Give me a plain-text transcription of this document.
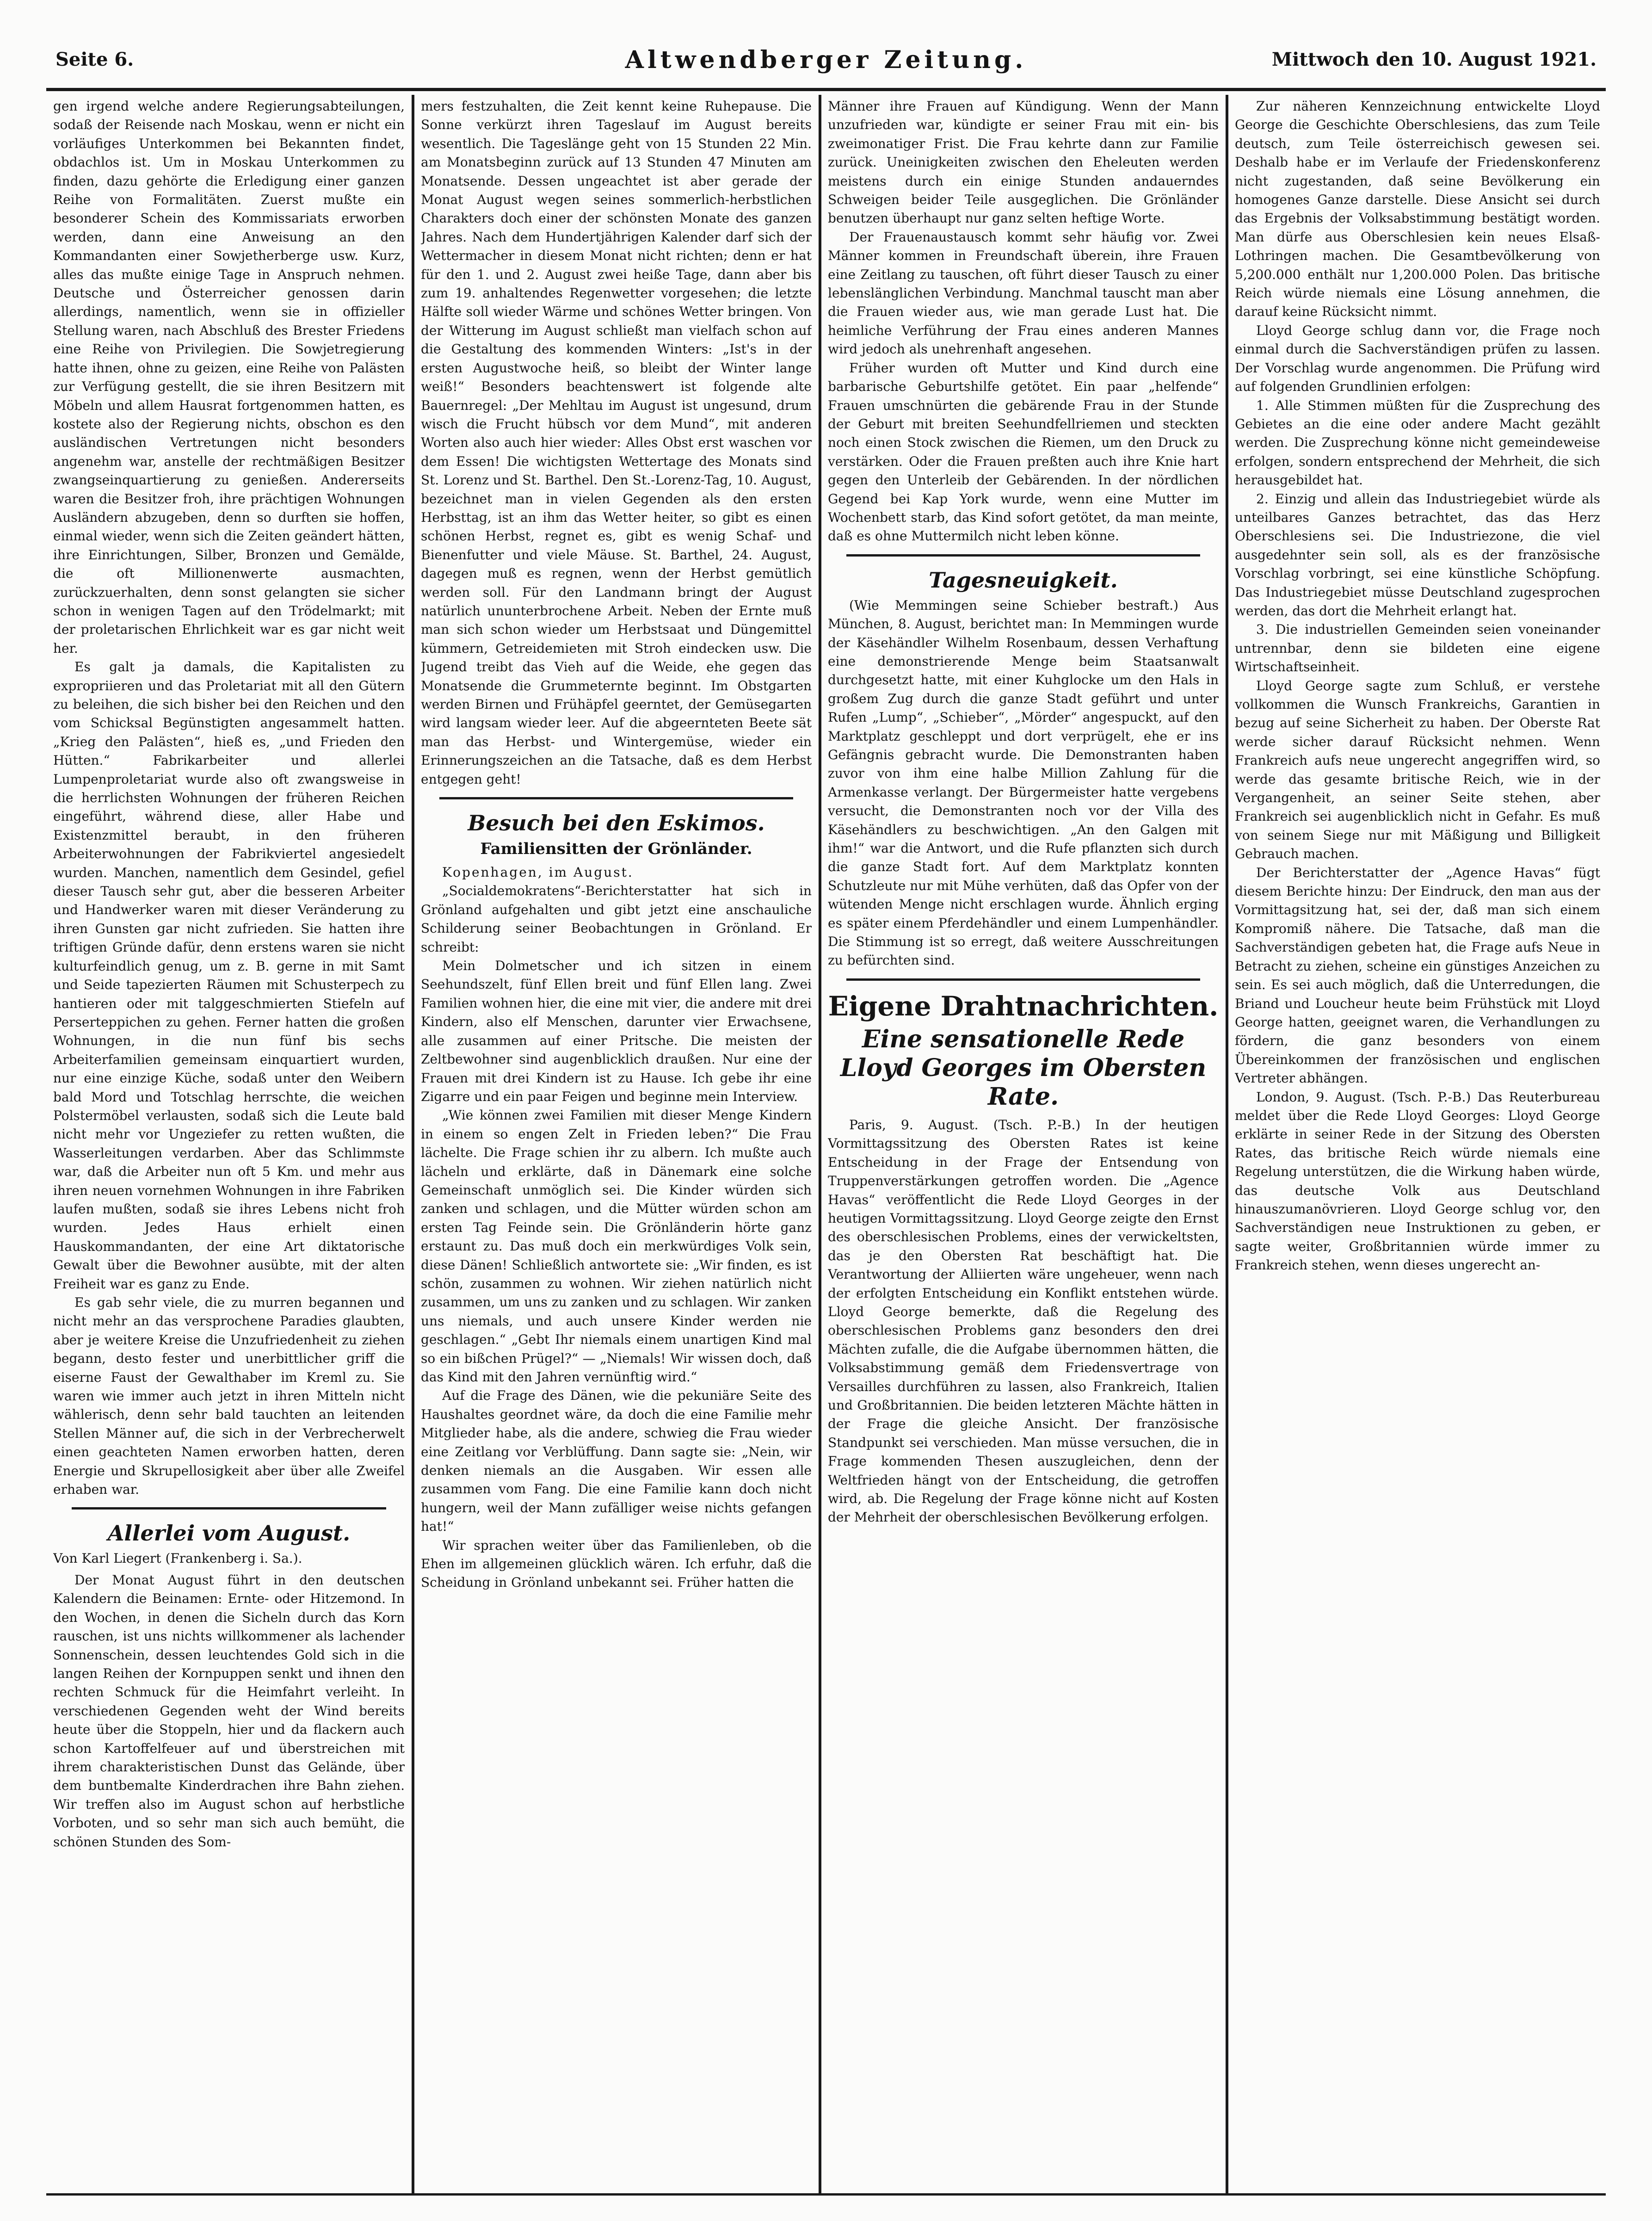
Seite 6.	Altwendberger Zeitung.	Mittwoch den 10. August 1921.

gen irgend welche andere Regierungsabteilungen, sodaß der Reisende nach Moskau, wenn er nicht ein vorläufiges Unterkommen bei Bekannten findet, obdachlos ist. Um in Moskau Unterkommen zu finden, dazu gehörte die Erledigung einer ganzen Reihe von Formalitäten. Zuerst mußte ein besonderer Schein des Kommissariats erworben werden, dann eine Anweisung an den Kommandanten einer Sowjetherberge usw. Kurz, alles das mußte einige Tage in Anspruch nehmen. Deutsche und Österreicher genossen darin allerdings, namentlich, wenn sie in offizieller Stellung waren, nach Abschluß des Brester Friedens eine Reihe von Privilegien. Die Sowjetregierung hatte ihnen, ohne zu geizen, eine Reihe von Palästen zur Verfügung gestellt, die sie ihren Besitzern mit Möbeln und allem Hausrat fortgenommen hatten, es kostete also der Regierung nichts, obschon es den ausländischen Vertretungen nicht besonders angenehm war, anstelle der rechtmäßigen Besitzer zwangseinquartierung zu genießen. Andererseits waren die Besitzer froh, ihre prächtigen Wohnungen Ausländern abzugeben, denn so durften sie hoffen, einmal wieder, wenn sich die Zeiten geändert hätten, ihre Einrichtungen, Silber, Bronzen und Gemälde, die oft Millionenwerte ausmachten, zurückzuerhalten, denn sonst gelangten sie sicher schon in wenigen Tagen auf den Trödelmarkt; mit der proletarischen Ehrlichkeit war es gar nicht weit her.

Es galt ja damals, die Kapitalisten zu expropriieren und das Proletariat mit all den Gütern zu beleihen, die sich bisher bei den Reichen und den vom Schicksal Begünstigten angesammelt hatten. „Krieg den Palästen“, hieß es, „und Frieden den Hütten.“ Fabrikarbeiter und allerlei Lumpenproletariat wurde also oft zwangsweise in die herrlichsten Wohnungen der früheren Reichen eingeführt, während diese, aller Habe und Existenzmittel beraubt, in den früheren Arbeiterwohnungen der Fabrikviertel angesiedelt wurden. Manchen, namentlich dem Gesindel, gefiel dieser Tausch sehr gut, aber die besseren Arbeiter und Handwerker waren mit dieser Veränderung zu ihren Gunsten gar nicht zufrieden. Sie hatten ihre triftigen Gründe dafür, denn erstens waren sie nicht kulturfeindlich genug, um z. B. gerne in mit Samt und Seide tapezierten Räumen mit Schusterpech zu hantieren oder mit talggeschmierten Stiefeln auf Perserteppichen zu gehen. Ferner hatten die großen Wohnungen, in die nun fünf bis sechs Arbeiterfamilien gemeinsam einquartiert wurden, nur eine einzige Küche, sodaß unter den Weibern bald Mord und Totschlag herrschte, die weichen Polstermöbel verlausten, sodaß sich die Leute bald nicht mehr vor Ungeziefer zu retten wußten, die Wasserleitungen verdarben. Aber das Schlimmste war, daß die Arbeiter nun oft 5 Km. und mehr aus ihren neuen vornehmen Wohnungen in ihre Fabriken laufen mußten, sodaß sie ihres Lebens nicht froh wurden. Jedes Haus erhielt einen Hauskommandanten, der eine Art diktatorische Gewalt über die Bewohner ausübte, mit der alten Freiheit war es ganz zu Ende.

Es gab sehr viele, die zu murren begannen und nicht mehr an das versprochene Paradies glaubten, aber je weitere Kreise die Unzufriedenheit zu ziehen begann, desto fester und unerbittlicher griff die eiserne Faust der Gewalthaber im Kreml zu. Sie waren wie immer auch jetzt in ihren Mitteln nicht wählerisch, denn sehr bald tauchten an leitenden Stellen Männer auf, die sich in der Verbrecherwelt einen geachteten Namen erworben hatten, deren Energie und Skrupellosigkeit aber über alle Zweifel erhaben war.

Allerlei vom August.

Von Karl Liegert (Frankenberg i. Sa.).

Der Monat August führt in den deutschen Kalendern die Beinamen: Ernte- oder Hitzemond. In den Wochen, in denen die Sicheln durch das Korn rauschen, ist uns nichts willkommener als lachender Sonnenschein, dessen leuchtendes Gold sich in die langen Reihen der Kornpuppen senkt und ihnen den rechten Schmuck für die Heimfahrt verleiht. In verschiedenen Gegenden weht der Wind bereits heute über die Stoppeln, hier und da flackern auch schon Kartoffelfeuer auf und überstreichen mit ihrem charakteristischen Dunst das Gelände, über dem buntbemalte Kinderdrachen ihre Bahn ziehen. Wir treffen also im August schon auf herbstliche Vorboten, und so sehr man sich auch bemüht, die schönen Stunden des Som-

mers festzuhalten, die Zeit kennt keine Ruhepause. Die Sonne verkürzt ihren Tageslauf im August bereits wesentlich. Die Tageslänge geht von 15 Stunden 22 Min. am Monatsbeginn zurück auf 13 Stunden 47 Minuten am Monatsende. Dessen ungeachtet ist aber gerade der Monat August wegen seines sommerlich-herbstlichen Charakters doch einer der schönsten Monate des ganzen Jahres. Nach dem Hundertjährigen Kalender darf sich der Wettermacher in diesem Monat nicht richten; denn er hat für den 1. und 2. August zwei heiße Tage, dann aber bis zum 19. anhaltendes Regenwetter vorgesehen; die letzte Hälfte soll wieder Wärme und schönes Wetter bringen. Von der Witterung im August schließt man vielfach schon auf die Gestaltung des kommenden Winters: „Ist's in der ersten Augustwoche heiß, so bleibt der Winter lange weiß!“ Besonders beachtenswert ist folgende alte Bauernregel: „Der Mehltau im August ist ungesund, drum wisch die Frucht hübsch vor dem Mund“, mit anderen Worten also auch hier wieder: Alles Obst erst waschen vor dem Essen! Die wichtigsten Wettertage des Monats sind St. Lorenz und St. Barthel. Den St.-Lorenz-Tag, 10. August, bezeichnet man in vielen Gegenden als den ersten Herbsttag, ist an ihm das Wetter heiter, so gibt es einen schönen Herbst, regnet es, gibt es wenig Schaf- und Bienenfutter und viele Mäuse. St. Barthel, 24. August, dagegen muß es regnen, wenn der Herbst gemütlich werden soll. Für den Landmann bringt der August natürlich ununterbrochene Arbeit. Neben der Ernte muß man sich schon wieder um Herbstsaat und Düngemittel kümmern, Getreidemieten mit Stroh eindecken usw. Die Jugend treibt das Vieh auf die Weide, ehe gegen das Monatsende die Grummeternte beginnt. Im Obstgarten werden Birnen und Frühäpfel geerntet, der Gemüsegarten wird langsam wieder leer. Auf die abgeernteten Beete sät man das Herbst- und Wintergemüse, wieder ein Erinnerungszeichen an die Tatsache, daß es dem Herbst entgegen geht!

Besuch bei den Eskimos.
Familiensitten der Grönländer.

Kopenhagen, im August.

„Socialdemokratens“-Berichterstatter hat sich in Grönland aufgehalten und gibt jetzt eine anschauliche Schilderung seiner Beobachtungen in Grönland. Er schreibt:

Mein Dolmetscher und ich sitzen in einem Seehundszelt, fünf Ellen breit und fünf Ellen lang. Zwei Familien wohnen hier, die eine mit vier, die andere mit drei Kindern, also elf Menschen, darunter vier Erwachsene, alle zusammen auf einer Pritsche. Die meisten der Zeltbewohner sind augenblicklich draußen. Nur eine der Frauen mit drei Kindern ist zu Hause. Ich gebe ihr eine Zigarre und ein paar Feigen und beginne mein Interview.

„Wie können zwei Familien mit dieser Menge Kindern in einem so engen Zelt in Frieden leben?“ Die Frau lächelte. Die Frage schien ihr zu albern. Ich mußte auch lächeln und erklärte, daß in Dänemark eine solche Gemeinschaft unmöglich sei. Die Kinder würden sich zanken und schlagen, und die Mütter würden schon am ersten Tag Feinde sein. Die Grönländerin hörte ganz erstaunt zu. Das muß doch ein merkwürdiges Volk sein, diese Dänen! Schließlich antwortete sie: „Wir finden, es ist schön, zusammen zu wohnen. Wir ziehen natürlich nicht zusammen, um uns zu zanken und zu schlagen. Wir zanken uns niemals, und auch unsere Kinder werden nie geschlagen.“ „Gebt Ihr niemals einem unartigen Kind mal so ein bißchen Prügel?“ — „Niemals! Wir wissen doch, daß das Kind mit den Jahren vernünftig wird.“

Auf die Frage des Dänen, wie die pekuniäre Seite des Haushaltes geordnet wäre, da doch die eine Familie mehr Mitglieder habe, als die andere, schwieg die Frau wieder eine Zeitlang vor Verblüffung. Dann sagte sie: „Nein, wir denken niemals an die Ausgaben. Wir essen alle zusammen vom Fang. Die eine Familie kann doch nicht hungern, weil der Mann zufälliger weise nichts gefangen hat!“

Wir sprachen weiter über das Familienleben, ob die Ehen im allgemeinen glücklich wären. Ich erfuhr, daß die Scheidung in Grönland unbekannt sei. Früher hatten die

Männer ihre Frauen auf Kündigung. Wenn der Mann unzufrieden war, kündigte er seiner Frau mit ein- bis zweimonatiger Frist. Die Frau kehrte dann zur Familie zurück. Uneinigkeiten zwischen den Eheleuten werden meistens durch ein einige Stunden andauerndes Schweigen beider Teile ausgeglichen. Die Grönländer benutzen überhaupt nur ganz selten heftige Worte.

Der Frauenaustausch kommt sehr häufig vor. Zwei Männer kommen in Freundschaft überein, ihre Frauen eine Zeitlang zu tauschen, oft führt dieser Tausch zu einer lebenslänglichen Verbindung. Manchmal tauscht man aber die Frauen wieder aus, wie man gerade Lust hat. Die heimliche Verführung der Frau eines anderen Mannes wird jedoch als unehrenhaft angesehen.

Früher wurden oft Mutter und Kind durch eine barbarische Geburtshilfe getötet. Ein paar „helfende“ Frauen umschnürten die gebärende Frau in der Stunde der Geburt mit breiten Seehundfellriemen und steckten noch einen Stock zwischen die Riemen, um den Druck zu verstärken. Oder die Frauen preßten auch ihre Knie hart gegen den Unterleib der Gebärenden. In der nördlichen Gegend bei Kap York wurde, wenn eine Mutter im Wochenbett starb, das Kind sofort getötet, da man meinte, daß es ohne Muttermilch nicht leben könne.

Tagesneuigkeit.

(Wie Memmingen seine Schieber bestraft.) Aus München, 8. August, berichtet man: In Memmingen wurde der Käsehändler Wilhelm Rosenbaum, dessen Verhaftung eine demonstrierende Menge beim Staatsanwalt durchgesetzt hatte, mit einer Kuhglocke um den Hals in großem Zug durch die ganze Stadt geführt und unter Rufen „Lump“, „Schieber“, „Mörder“ angespuckt, auf den Marktplatz geschleppt und dort verprügelt, ehe er ins Gefängnis gebracht wurde. Die Demonstranten haben zuvor von ihm eine halbe Million Zahlung für die Armenkasse verlangt. Der Bürgermeister hatte vergebens versucht, die Demonstranten noch vor der Villa des Käsehändlers zu beschwichtigen. „An den Galgen mit ihm!“ war die Antwort, und die Rufe pflanzten sich durch die ganze Stadt fort. Auf dem Marktplatz konnten Schutzleute nur mit Mühe verhüten, daß das Opfer von der wütenden Menge nicht erschlagen wurde. Ähnlich erging es später einem Pferdehändler und einem Lumpenhändler. Die Stimmung ist so erregt, daß weitere Ausschreitungen zu befürchten sind.

Eigene Drahtnachrichten.
Eine sensationelle Rede Lloyd Georges im Obersten Rate.

Paris, 9. August. (Tsch. P.-B.) In der heutigen Vormittagssitzung des Obersten Rates ist keine Entscheidung in der Frage der Entsendung von Truppenverstärkungen getroffen worden. Die „Agence Havas“ veröffentlicht die Rede Lloyd Georges in der heutigen Vormittagssitzung. Lloyd George zeigte den Ernst des oberschlesischen Problems, eines der verwickeltsten, das je den Obersten Rat beschäftigt hat. Die Verantwortung der Alliierten wäre ungeheuer, wenn nach der erfolgten Entscheidung ein Konflikt entstehen würde. Lloyd George bemerkte, daß die Regelung des oberschlesischen Problems ganz besonders den drei Mächten zufalle, die die Aufgabe übernommen hätten, die Volksabstimmung gemäß dem Friedensvertrage von Versailles durchführen zu lassen, also Frankreich, Italien und Großbritannien. Die beiden letzteren Mächte hätten in der Frage die gleiche Ansicht. Der französische Standpunkt sei verschieden. Man müsse versuchen, die in Frage kommenden Thesen auszugleichen, denn der Weltfrieden hängt von der Entscheidung, die getroffen wird, ab. Die Regelung der Frage könne nicht auf Kosten der Mehrheit der oberschlesischen Bevölkerung erfolgen.

Zur näheren Kennzeichnung entwickelte Lloyd George die Geschichte Oberschlesiens, das zum Teile deutsch, zum Teile österreichisch gewesen sei. Deshalb habe er im Verlaufe der Friedenskonferenz nicht zugestanden, daß seine Bevölkerung ein homogenes Ganze darstelle. Diese Ansicht sei durch das Ergebnis der Volksabstimmung bestätigt worden. Man dürfe aus Oberschlesien kein neues Elsaß-Lothringen machen. Die Gesamtbevölkerung von 5,200.000 enthält nur 1,200.000 Polen. Das britische Reich würde niemals eine Lösung annehmen, die darauf keine Rücksicht nimmt.

Lloyd George schlug dann vor, die Frage noch einmal durch die Sachverständigen prüfen zu lassen. Der Vorschlag wurde angenommen. Die Prüfung wird auf folgenden Grundlinien erfolgen:

1. Alle Stimmen müßten für die Zusprechung des Gebietes an die eine oder andere Macht gezählt werden. Die Zusprechung könne nicht gemeindeweise erfolgen, sondern entsprechend der Mehrheit, die sich herausgebildet hat.

2. Einzig und allein das Industriegebiet würde als unteilbares Ganzes betrachtet, das das Herz Oberschlesiens sei. Die Industriezone, die viel ausgedehnter sein soll, als es der französische Vorschlag vorbringt, sei eine künstliche Schöpfung. Das Industriegebiet müsse Deutschland zugesprochen werden, das dort die Mehrheit erlangt hat.

3. Die industriellen Gemeinden seien voneinander untrennbar, denn sie bildeten eine eigene Wirtschaftseinheit.

Lloyd George sagte zum Schluß, er verstehe vollkommen die Wunsch Frankreichs, Garantien in bezug auf seine Sicherheit zu haben. Der Oberste Rat werde sicher darauf Rücksicht nehmen. Wenn Frankreich aufs neue ungerecht angegriffen wird, so werde das gesamte britische Reich, wie in der Vergangenheit, an seiner Seite stehen, aber Frankreich sei augenblicklich nicht in Gefahr. Es muß von seinem Siege nur mit Mäßigung und Billigkeit Gebrauch machen.

Der Berichterstatter der „Agence Havas“ fügt diesem Berichte hinzu: Der Eindruck, den man aus der Vormittagsitzung hat, sei der, daß man sich einem Kompromiß nähere. Die Tatsache, daß man die Sachverständigen gebeten hat, die Frage aufs Neue in Betracht zu ziehen, scheine ein günstiges Anzeichen zu sein. Es sei auch möglich, daß die Unterredungen, die Briand und Loucheur heute beim Frühstück mit Lloyd George hatten, geeignet waren, die Verhandlungen zu fördern, die ganz besonders von einem Übereinkommen der französischen und englischen Vertreter abhängen.

London, 9. August. (Tsch. P.-B.) Das Reuterbureau meldet über die Rede Lloyd Georges: Lloyd George erklärte in seiner Rede in der Sitzung des Obersten Rates, das britische Reich würde niemals eine Regelung unterstützen, die die Wirkung haben würde, das deutsche Volk aus Deutschland hinauszumanövrieren. Lloyd George schlug vor, den Sachverständigen neue Instruktionen zu geben, er sagte weiter, Großbritannien würde immer zu Frankreich stehen, wenn dieses ungerecht an-
